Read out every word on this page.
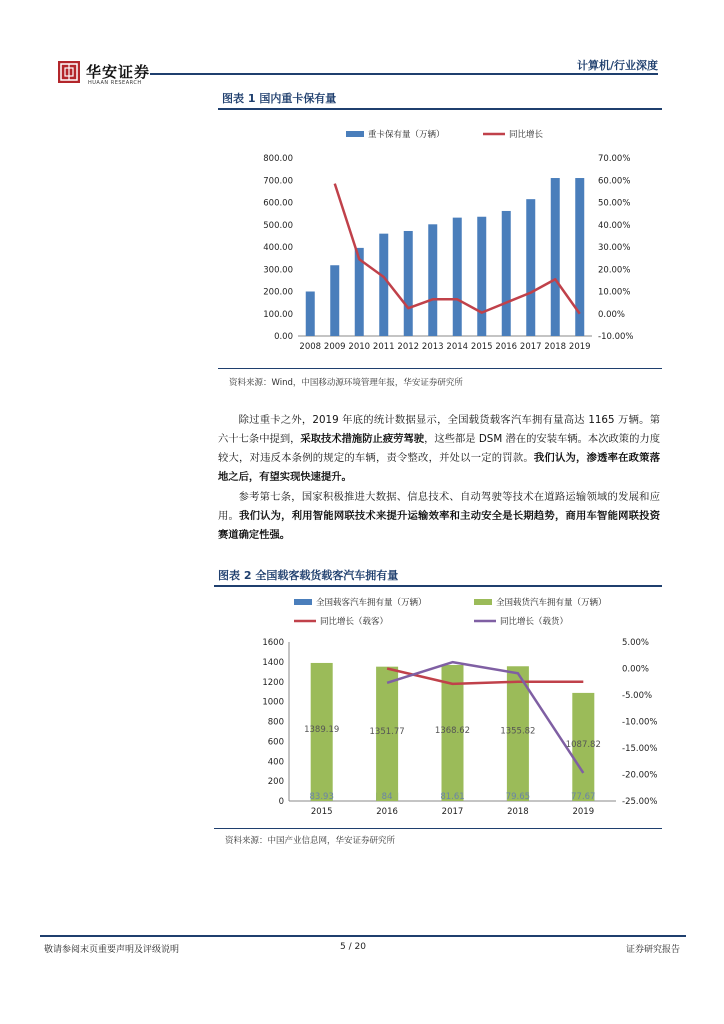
华安证券
HUAAN RESEARCH
计算机/行业深度
图表 1 国内重卡保有量
0.00
100.00
200.00
300.00
400.00
500.00
600.00
700.00
800.00
-10.00%
0.00%
10.00%
20.00%
30.00%
40.00%
50.00%
60.00%
70.00%
2008 2009 2010 2011 2012 2013 2014 2015 2016 2017 2018 2019
重卡保有量（万辆）	同比增长
资料来源：Wind，中国移动源环境管理年报，华安证券研究所

除过重卡之外，2019 年底的统计数据显示，全国载货载客汽车拥有量高达 1165 万辆。第六十七条中提到，采取技术措施防止疲劳驾驶，这些都是 DSM 潜在的安装车辆。本次政策的力度较大，对违反本条例的规定的车辆，责令整改，并处以一定的罚款。我们认为，渗透率在政策落地之后，有望实现快速提升。

参考第七条，国家积极推进大数据、信息技术、自动驾驶等技术在道路运输领域的发展和应用。我们认为，利用智能网联技术来提升运输效率和主动安全是长期趋势，商用车智能网联投资赛道确定性强。

图表 2 全国载客载货载客汽车拥有量
0
200
400
600
800
1000
1200
1400
1600
-25.00%
-20.00%
-15.00%
-10.00%
-5.00%
0.00%
5.00%
2015	2016	2017	2018	2019
83.93	84	81.61	79.65	77.67
1389.19	1351.77	1368.62	1355.82
1087.82
全国载客汽车拥有量（万辆）	全国载货汽车拥有量（万辆）
同比增长（载客）	同比增长（载货）
资料来源：中国产业信息网，华安证券研究所
敬请参阅末页重要声明及评级说明	5 / 20	证券研究报告
